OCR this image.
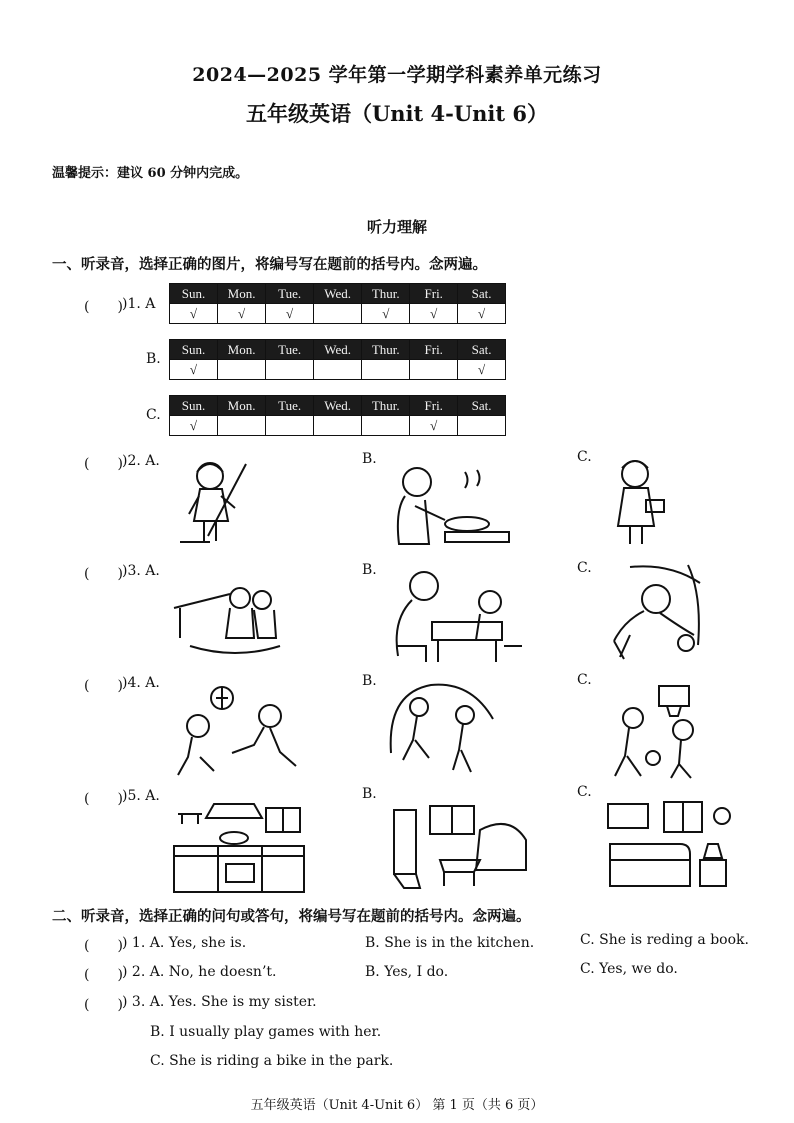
2024—2025 学年第一学期学科素养单元练习
五年级英语（Unit 4-Unit 6）
温馨提示：建议 60 分钟内完成。
听力理解
一、听录音，选择正确的图片，将编号写在题前的括号内。念两遍。
(　　) )1. A
B.
C.
Sun.	Mon.	Tue.	Wed.	Thur.	Fri.	Sat.
√	√	√		√	√	√
Sun.	Mon.	Tue.	Wed.	Thur.	Fri.	Sat.
√						√
Sun.	Mon.	Tue.	Wed.	Thur.	Fri.	Sat.
√					√	
(　　) )2. A.	B.	C.
(　　) )3. A.	B.	C.
(　　) )4. A.	B.	C.
(　　) )5. A.	B.	C.
二、听录音，选择正确的问句或答句，将编号写在题前的括号内。念两遍。
(　　) ) 1. A. Yes, she is.	B. She is in the kitchen.	C. She is reding a book.
(　　) ) 2. A. No, he doesn’t.	B. Yes, I do.	C. Yes, we do.
(　　) ) 3. A. Yes. She is my sister.
B. I usually play games with her.
C. She is riding a bike in the park.
五年级英语（Unit 4-Unit 6） 第 1 页（共 6 页）
